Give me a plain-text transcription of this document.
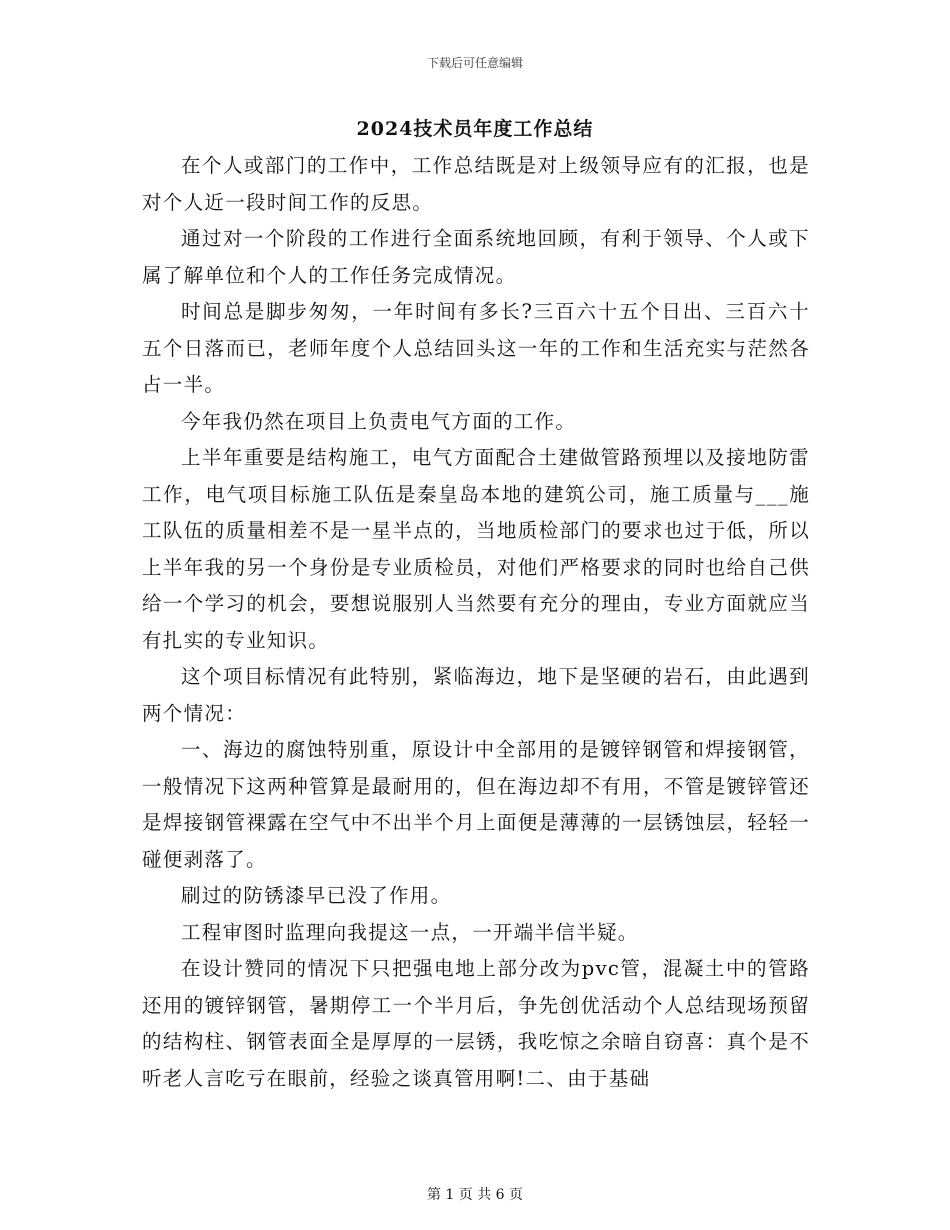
下载后可任意编辑
2024技术员年度工作总结

在个人或部门的工作中，工作总结既是对上级领导应有的汇报，也是对个人近一段时间工作的反思。

通过对一个阶段的工作进行全面系统地回顾，有利于领导、个人或下属了解单位和个人的工作任务完成情况。

时间总是脚步匆匆，一年时间有多长?三百六十五个日出、三百六十五个日落而已，老师年度个人总结回头这一年的工作和生活充实与茫然各占一半。

今年我仍然在项目上负责电气方面的工作。

上半年重要是结构施工，电气方面配合土建做管路预埋以及接地防雷工作，电气项目标施工队伍是秦皇岛本地的建筑公司，施工质量与___施工队伍的质量相差不是一星半点的，当地质检部门的要求也过于低，所以上半年我的另一个身份是专业质检员，对他们严格要求的同时也给自己供给一个学习的机会，要想说服别人当然要有充分的理由，专业方面就应当有扎实的专业知识。

这个项目标情况有此特别，紧临海边，地下是坚硬的岩石，由此遇到两个情况：

一、海边的腐蚀特别重，原设计中全部用的是镀锌钢管和焊接钢管，一般情况下这两种管算是最耐用的，但在海边却不有用，不管是镀锌管还是焊接钢管裸露在空气中不出半个月上面便是薄薄的一层锈蚀层，轻轻一碰便剥落了。

刷过的防锈漆早已没了作用。

工程审图时监理向我提这一点，一开端半信半疑。

在设计赞同的情况下只把强电地上部分改为pvc管，混凝土中的管路还用的镀锌钢管，暑期停工一个半月后，争先创优活动个人总结现场预留的结构柱、钢管表面全是厚厚的一层锈，我吃惊之余暗自窃喜：真个是不听老人言吃亏在眼前，经验之谈真管用啊!二、由于基础

第 1 页 共 6 页
